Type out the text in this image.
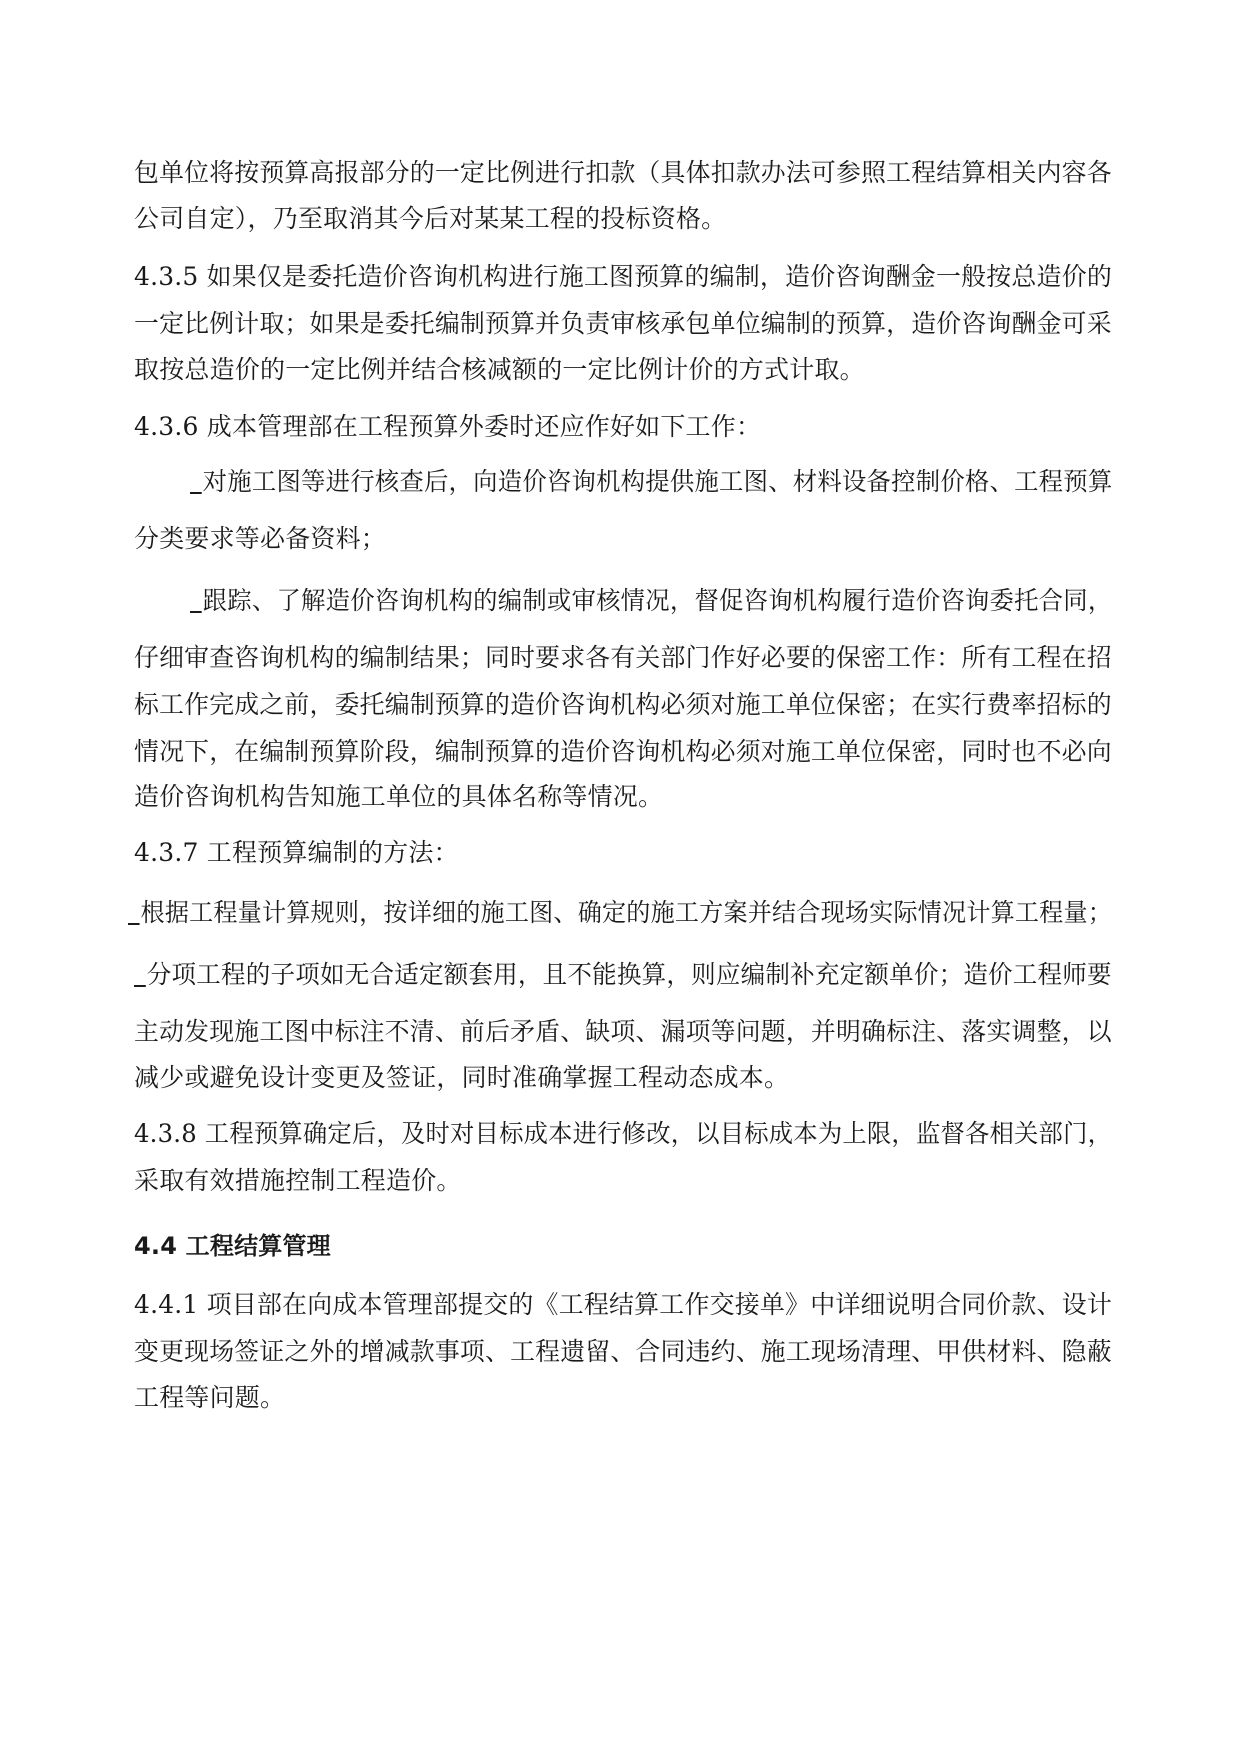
包单位将按预算高报部分的一定比例进行扣款（具体扣款办法可参照工程结算相关内容各
公司自定），乃至取消其今后对某某工程的投标资格。
4.3.5 如果仅是委托造价咨询机构进行施工图预算的编制，造价咨询酬金一般按总造价的
一定比例计取；如果是委托编制预算并负责审核承包单位编制的预算，造价咨询酬金可采
取按总造价的一定比例并结合核减额的一定比例计价的方式计取。
4.3.6 成本管理部在工程预算外委时还应作好如下工作：
对施工图等进行核查后，向造价咨询机构提供施工图、材料设备控制价格、工程预算
分类要求等必备资料；
跟踪、了解造价咨询机构的编制或审核情况，督促咨询机构履行造价咨询委托合同，
仔细审查咨询机构的编制结果；同时要求各有关部门作好必要的保密工作：所有工程在招
标工作完成之前，委托编制预算的造价咨询机构必须对施工单位保密；在实行费率招标的
情况下，在编制预算阶段，编制预算的造价咨询机构必须对施工单位保密，同时也不必向
造价咨询机构告知施工单位的具体名称等情况。
4.3.7 工程预算编制的方法：
根据工程量计算规则，按详细的施工图、确定的施工方案并结合现场实际情况计算工程量；
分项工程的子项如无合适定额套用，且不能换算，则应编制补充定额单价；造价工程师要
主动发现施工图中标注不清、前后矛盾、缺项、漏项等问题，并明确标注、落实调整，以
减少或避免设计变更及签证，同时准确掌握工程动态成本。
4.3.8 工程预算确定后，及时对目标成本进行修改，以目标成本为上限，监督各相关部门，
采取有效措施控制工程造价。
4.4 工程结算管理
4.4.1 项目部在向成本管理部提交的《工程结算工作交接单》中详细说明合同价款、设计
变更现场签证之外的增减款事项、工程遗留、合同违约、施工现场清理、甲供材料、隐蔽
工程等问题。
